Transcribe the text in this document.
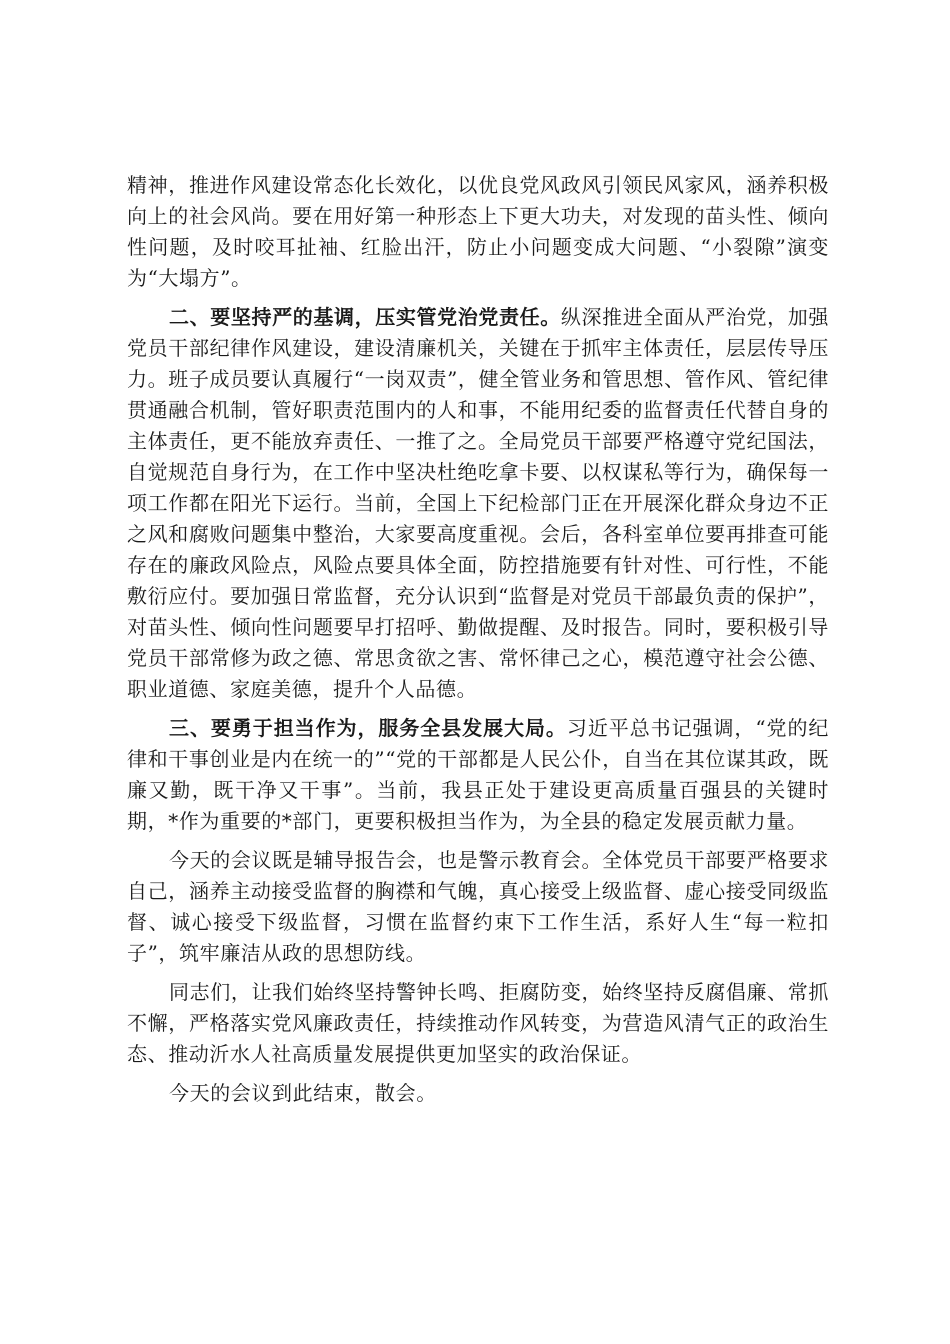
精神，推进作风建设常态化长效化，以优良党风政风引领民风家风，涵养积极向上的社会风尚。要在用好第一种形态上下更大功夫，对发现的苗头性、倾向性问题，及时咬耳扯袖、红脸出汗，防止小问题变成大问题、“小裂隙”演变为“大塌方”。

二、要坚持严的基调，压实管党治党责任。纵深推进全面从严治党，加强党员干部纪律作风建设，建设清廉机关，关键在于抓牢主体责任，层层传导压力。班子成员要认真履行“一岗双责”，健全管业务和管思想、管作风、管纪律贯通融合机制，管好职责范围内的人和事，不能用纪委的监督责任代替自身的主体责任，更不能放弃责任、一推了之。全局党员干部要严格遵守党纪国法，自觉规范自身行为，在工作中坚决杜绝吃拿卡要、以权谋私等行为，确保每一项工作都在阳光下运行。当前，全国上下纪检部门正在开展深化群众身边不正之风和腐败问题集中整治，大家要高度重视。会后，各科室单位要再排查可能存在的廉政风险点，风险点要具体全面，防控措施要有针对性、可行性，不能敷衍应付。要加强日常监督，充分认识到“监督是对党员干部最负责的保护”，对苗头性、倾向性问题要早打招呼、勤做提醒、及时报告。同时，要积极引导党员干部常修为政之德、常思贪欲之害、常怀律己之心，模范遵守社会公德、职业道德、家庭美德，提升个人品德。

三、要勇于担当作为，服务全县发展大局。习近平总书记强调，“党的纪律和干事创业是内在统一的”“党的干部都是人民公仆，自当在其位谋其政，既廉又勤，既干净又干事”。当前，我县正处于建设更高质量百强县的关键时期，*作为重要的*部门，更要积极担当作为，为全县的稳定发展贡献力量。

今天的会议既是辅导报告会，也是警示教育会。全体党员干部要严格要求自己，涵养主动接受监督的胸襟和气魄，真心接受上级监督、虚心接受同级监督、诚心接受下级监督，习惯在监督约束下工作生活，系好人生“每一粒扣子”，筑牢廉洁从政的思想防线。

同志们，让我们始终坚持警钟长鸣、拒腐防变，始终坚持反腐倡廉、常抓不懈，严格落实党风廉政责任，持续推动作风转变，为营造风清气正的政治生态、推动沂水人社高质量发展提供更加坚实的政治保证。

今天的会议到此结束，散会。
